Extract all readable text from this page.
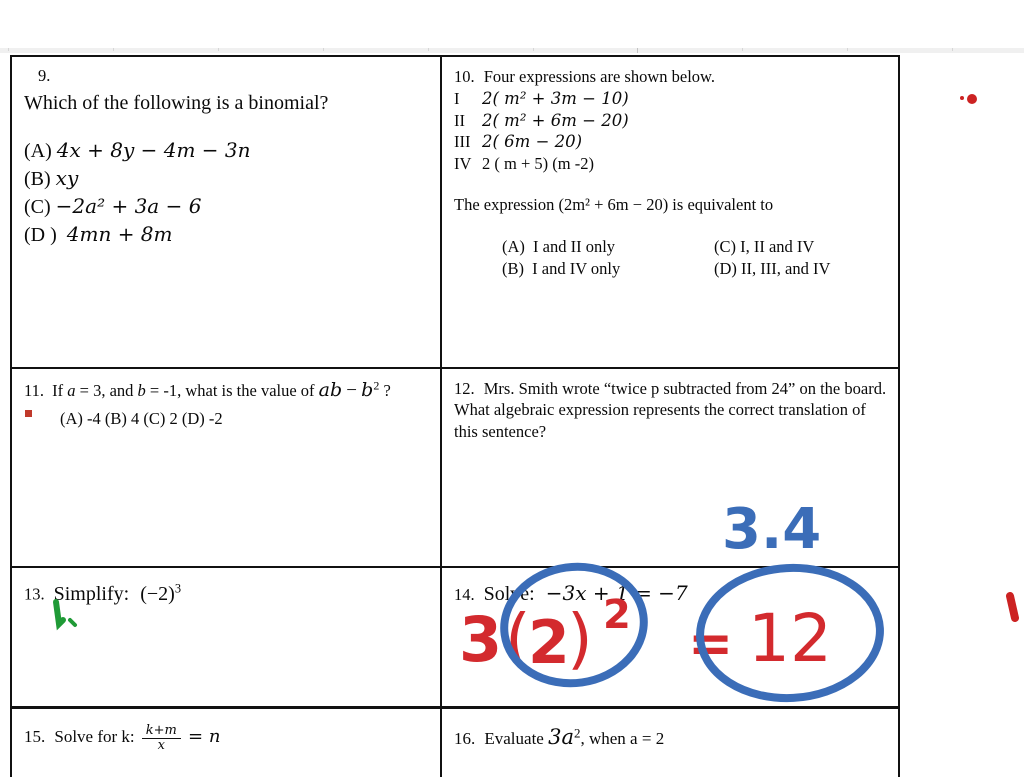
9.
Which of the following is a binomial?
(A) 4x + 8y − 4m − 3n
(B) xy
(C) −2a² + 3a − 6
(D ) 4mn + 8m
10. Four expressions are shown below.
I 2( m² + 3m − 10)
II 2( m² + 6m − 20)
III 2( 6m − 20)
IV 2 ( m + 5) (m -2)
The expression (2m² + 6m − 20) is equivalent to
(A) I and II only	(C) I, II and IV
(B) I and IV only	(D) II, III, and IV
11. If a = 3, and b = -1, what is the value of ab − $b^2$ ?
(A) -4 (B) 4 (C) 2 (D) -2
12. Mrs. Smith wrote “twice p subtracted from 24” on the board. What algebraic expression represents the correct translation of this sentence?
13. Simplify: $(-2)^3$	14. Solve: −3x + 1 = −7
15. Solve for k: $\frac{k+m}{x} = n$	16. Evaluate $3a^2$, when a = 2
3.4
3 (
2
) 2 = 12
